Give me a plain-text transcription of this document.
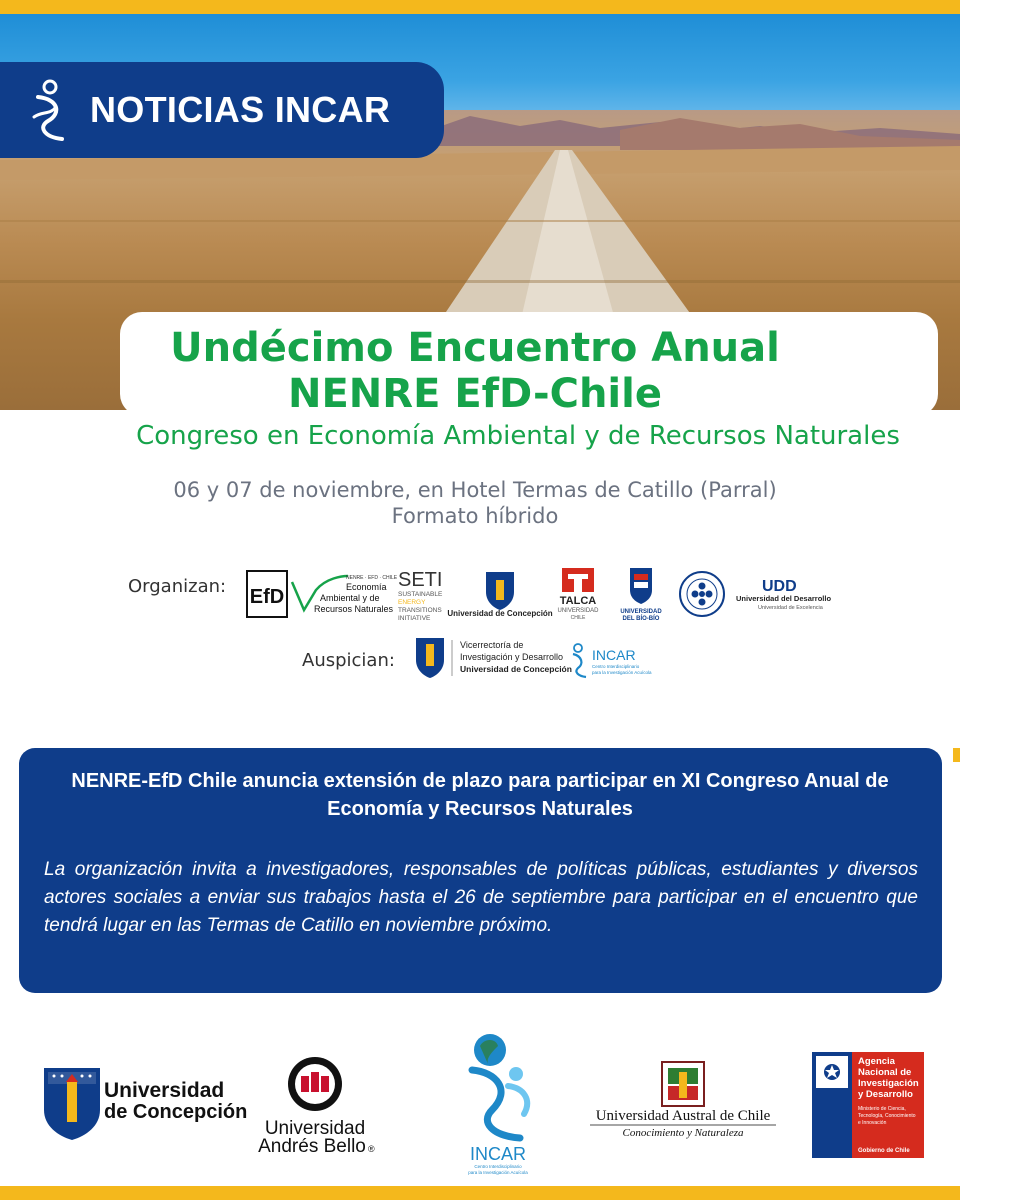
NOTICIAS INCAR
Undécimo Encuentro Anual
NENRE EfD-Chile
Congreso en Economía Ambiental y de Recursos Naturales
06 y 07 de noviembre, en Hotel Termas de Catillo (Parral)
Formato híbrido
Organizan: EfD
NENRE · EFD · CHILE
Economía
Ambiental y de
Recursos Naturales
SETI
SUSTAINABLE
ENERGY
TRANSITIONS
INITIATIVE
Universidad de Concepción
TALCA
UNIVERSIDAD
CHILE
UNIVERSIDAD
DEL BÍO-BÍO
UDD
Universidad del Desarrollo
Universidad de Excelencia
Auspician:
Vicerrectoría de
Investigación y Desarrollo
Universidad de Concepción
INCAR
Centro Interdisciplinario
para la Investigación Acuícola
NENRE-EfD Chile anuncia extensión de plazo para participar en XI Congreso Anual de Economía y Recursos Naturales
La organización invita a investigadores, responsables de políticas públicas, estudiantes y diversos actores sociales a enviar sus trabajos hasta el 26 de septiembre para participar en el encuentro que tendrá lugar en las Termas de Catillo en noviembre próximo.
Universidad
de Concepción
Universidad
Andrés Bello ®	INCAR
Centro Interdisciplinario
para la Investigación Acuícola
Universidad Austral de Chile
Conocimiento y Naturaleza
Agencia
Nacional de
Investigación
y Desarrollo
Ministerio de Ciencia,
Tecnología, Conocimiento
e Innovación
Gobierno de Chile
